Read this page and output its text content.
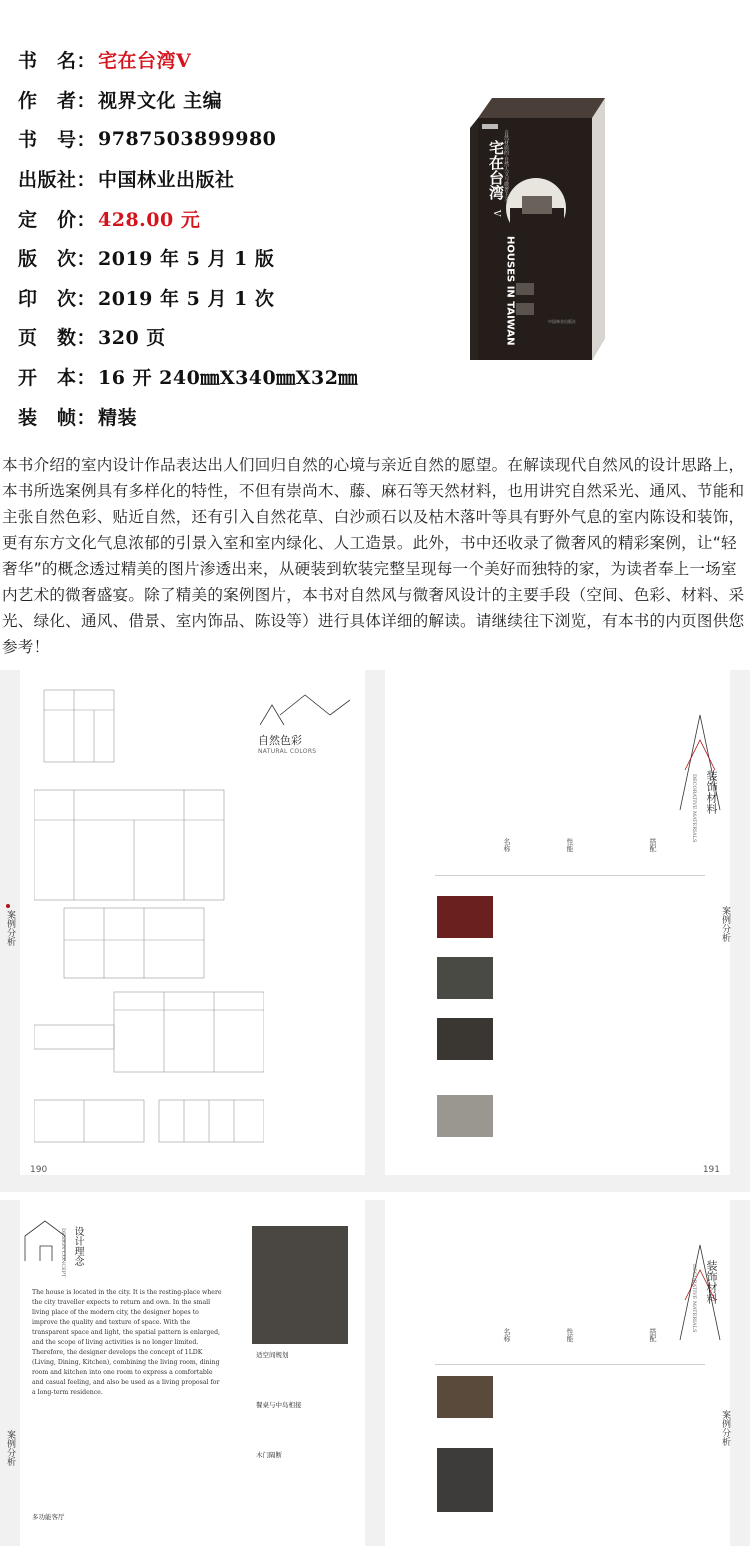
书　名： 宅在台湾Ⅴ
作　者： 视界文化 主编
书　号： 9787503899980
出版社： 中国林业出版社
定　价： 428.00 元
版　次： 2019 年 5 月 1 版
印　次： 2019 年 5 月 1 次
页　数： 320 页
开　本： 16 开 240㎜X340㎜X32㎜
装　帧： 精装
宅在台湾
V
HOUSES IN TAIWAN
自然材质的·自然人文与微奢主义
中国林业出版社
本书介绍的室内设计作品表达出人们回归自然的心境与亲近自然的愿望。在解读现代自然风的设计思路上，本书所选案例具有多样化的特性，不但有崇尚木、藤、麻石等天然材料，也用讲究自然采光、通风、节能和主张自然色彩、贴近自然，还有引入自然花草、白沙顽石以及枯木落叶等具有野外气息的室内陈设和装饰，更有东方文化气息浓郁的引景入室和室内绿化、人工造景。此外，书中还收录了微奢风的精彩案例，让“轻奢华”的概念透过精美的图片渗透出来，从硬装到软装完整呈现每一个美好而独特的家，为读者奉上一场室内艺术的微奢盛宴。除了精美的案例图片，本书对自然风与微奢风设计的主要手段（空间、色彩、材料、采光、绿化、通风、借景、室内饰品、陈设等）进行具体详细的解读。请继续往下浏览，有本书的内页图供您参考！
自然色彩
NATURAL COLORS
案例分析
190
装饰材料
DECORATIVE MATERIALS
案例分析
名称	性能	搭配
191
设计理念
DESIGN CONCEPT
案例分析
The house is located in the city. It is the resting-place where the city traveller expects to return and own. In the small living place of the modern city, the designer hopes to improve the quality and texture of space. With the transparent space and light, the spatial pattern is enlarged, and the scope of living activities is no longer limited. Therefore, the designer develops the concept of 1LDK (Living, Dining, Kitchen), combining the living room, dining room and kitchen into one room to express a comfortable and casual feeling, and also be used as a living proposal for a long-term residence.
适空间规划
餐桌与中岛相接
木门隔断
多功能客厅
装饰材料
DECORATIVE MATERIALS
案例分析
名称	性能	搭配
